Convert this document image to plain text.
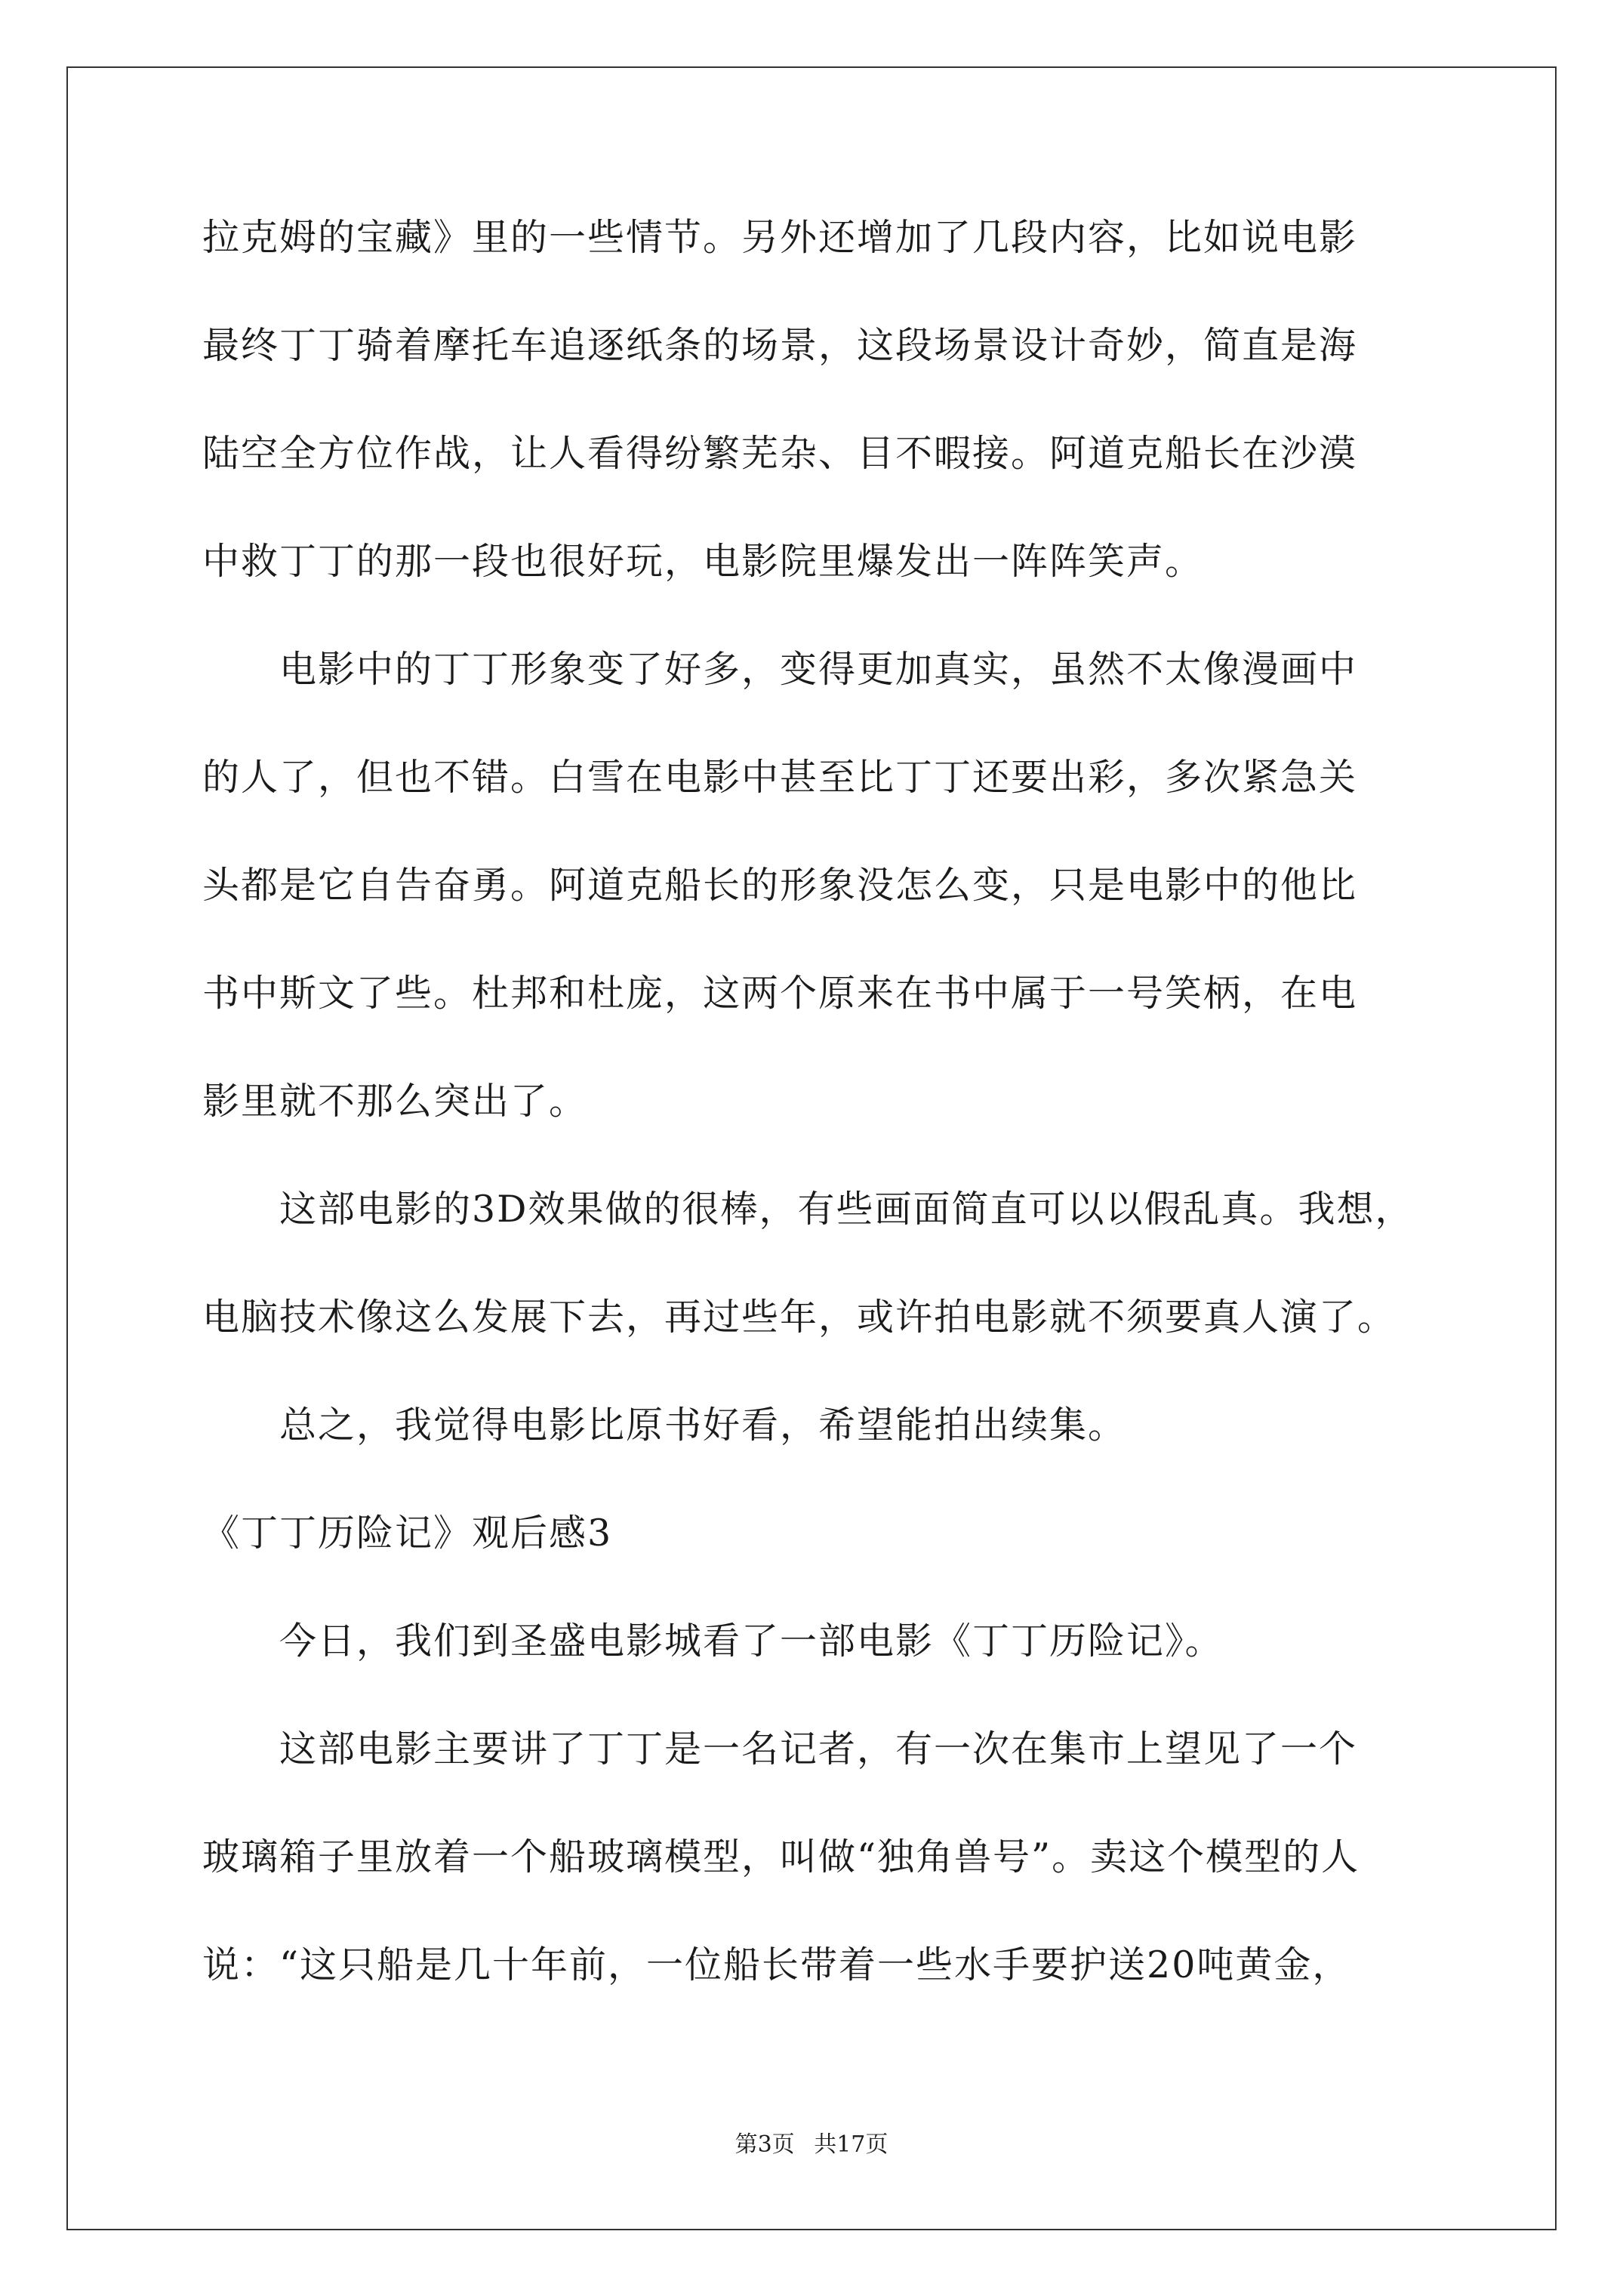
拉克姆的宝藏》里的一些情节。另外还增加了几段内容，比如说电影
最终丁丁骑着摩托车追逐纸条的场景，这段场景设计奇妙，简直是海
陆空全方位作战，让人看得纷繁芜杂、目不暇接。阿道克船长在沙漠
中救丁丁的那一段也很好玩，电影院里爆发出一阵阵笑声。
电影中的丁丁形象变了好多，变得更加真实，虽然不太像漫画中
的人了，但也不错。白雪在电影中甚至比丁丁还要出彩，多次紧急关
头都是它自告奋勇。阿道克船长的形象没怎么变，只是电影中的他比
书中斯文了些。杜邦和杜庞，这两个原来在书中属于一号笑柄，在电
影里就不那么突出了。
这部电影的3D效果做的很棒，有些画面简直可以以假乱真。我想，
电脑技术像这么发展下去，再过些年，或许拍电影就不须要真人演了。
总之，我觉得电影比原书好看，希望能拍出续集。
《丁丁历险记》观后感3
今日，我们到圣盛电影城看了一部电影《丁丁历险记》。
这部电影主要讲了丁丁是一名记者，有一次在集市上望见了一个
玻璃箱子里放着一个船玻璃模型，叫做“独角兽号”。卖这个模型的人
说：“这只船是几十年前，一位船长带着一些水手要护送20吨黄金，
第3页 共17页
